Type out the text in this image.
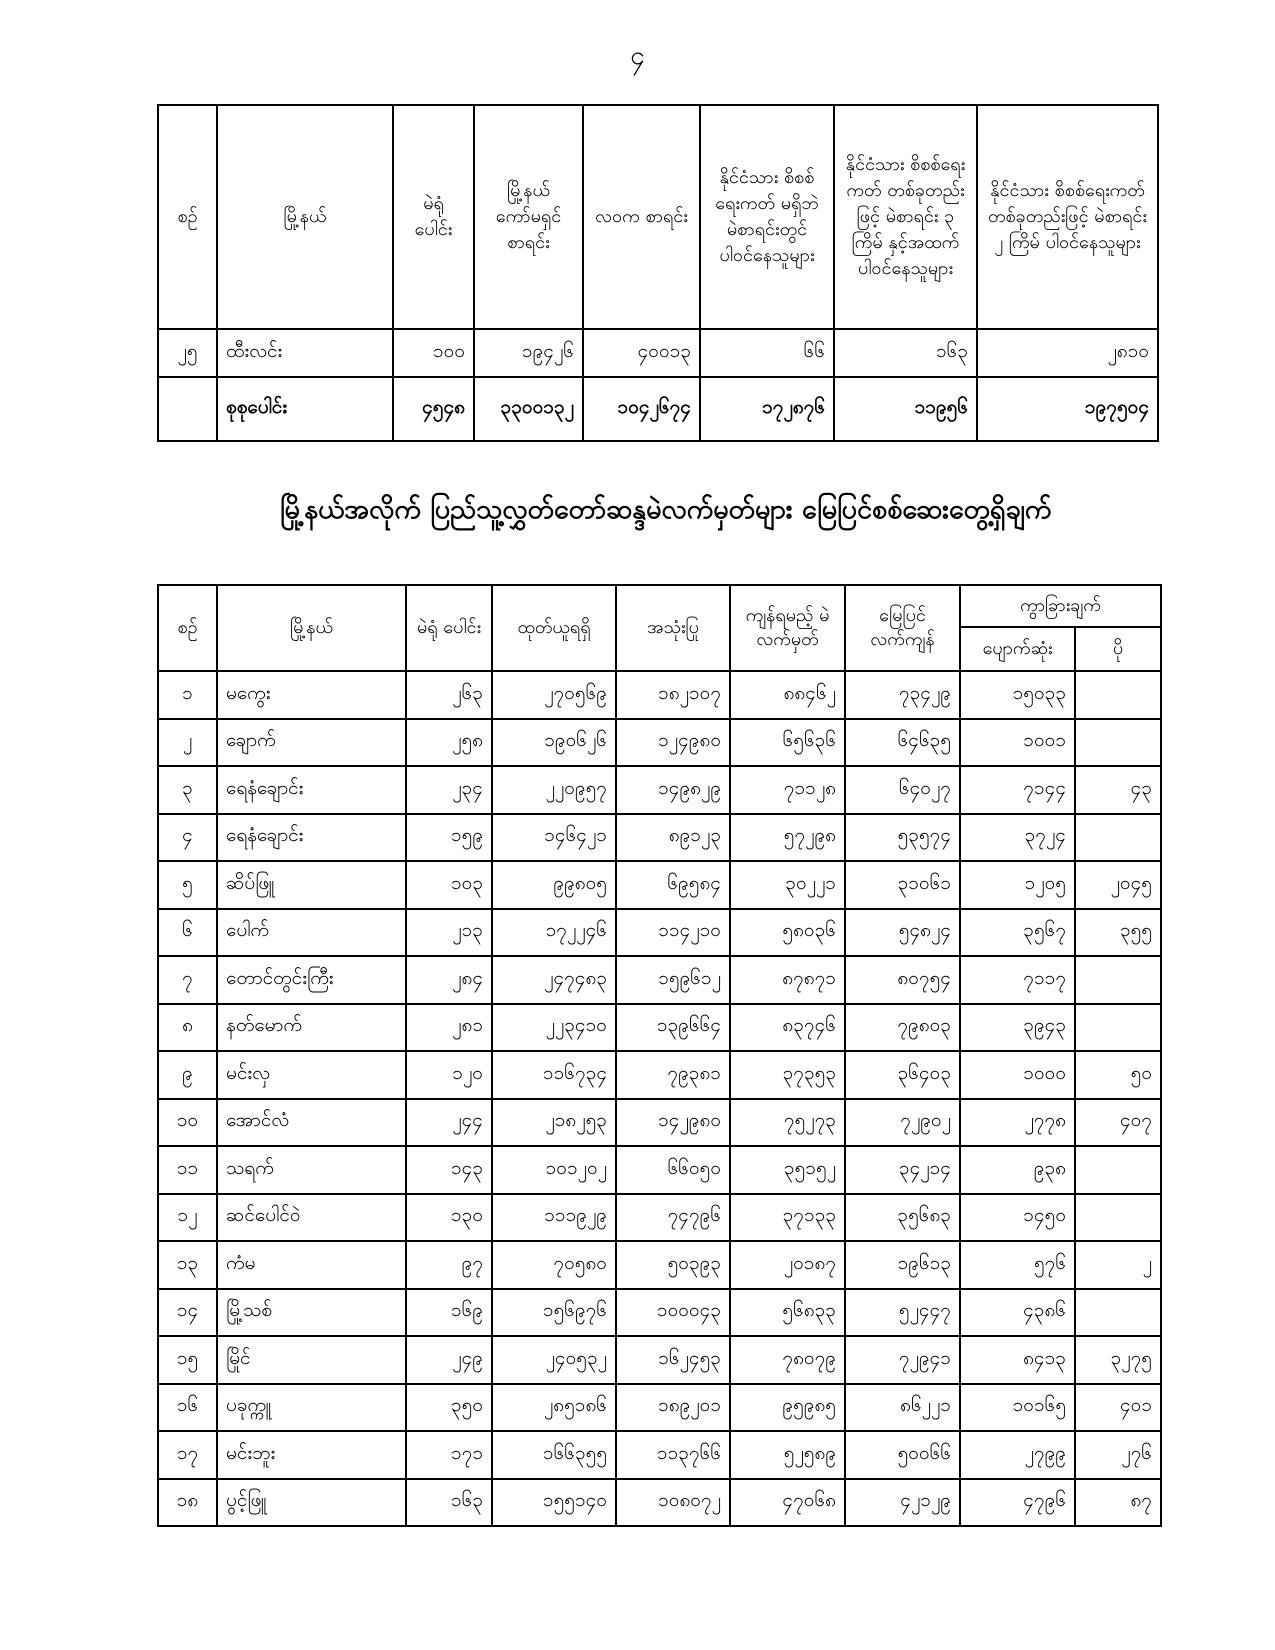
၄
စဉ်	မြို့နယ်	မဲရုံ ပေါင်း	မြို့နယ် ကော်မရှင် စာရင်း	လဝက စာရင်း	နိုင်ငံသား စိစစ်ရေးကတ် မရှိဘဲ မဲစာရင်းတွင် ပါဝင်နေသူများ	နိုင်ငံသား စိစစ်ရေးကတ် တစ်ခုတည်းဖြင့် မဲစာရင်း ၃ ကြိမ် နှင့်အထက် ပါဝင်နေသူများ	နိုင်ငံသား စိစစ်ရေးကတ် တစ်ခုတည်းဖြင့် မဲစာရင်း ၂ ကြိမ် ပါဝင်နေသူများ
၂၅	ထီးလင်း	၁၀၀	၁၉၄၂၆	၄၀၀၁၃	၆၆	၁၆၃	၂၈၁၀
	စုစုပေါင်း	၄၅၄၈	၃၃၀၀၁၃၂	၁၀၄၂၆၇၄	၁၇၂၈၇၆	၁၁၉၅၆	၁၉၇၅၀၄
မြို့နယ်အလိုက် ပြည်သူ့လွှတ်တော်ဆန္ဒမဲလက်မှတ်များ မြေပြင်စစ်ဆေးတွေ့ရှိချက်
စဉ်	မြို့နယ်	မဲရုံ ပေါင်း	ထုတ်ယူရရှိ	အသုံးပြု	ကျန်ရမည့် မဲလက်မှတ်	မြေပြင် လက်ကျန်	ကွာခြားချက်	
							ပျောက်ဆုံး	ပို
၁	မကွေး	၂၆၃	၂၇၀၅၆၉	၁၈၂၁၀၇	၈၈၄၆၂	၇၃၄၂၉	၁၅၀၃၃	
၂	ချောက်	၂၅၈	၁၉၀၆၂၆	၁၂၄၉၈၀	၆၅၆၃၆	၆၄၆၃၅	၁၀၀၁	
၃	ရေနံချောင်း	၂၃၄	၂၂၀၉၅၇	၁၄၉၈၂၉	၇၁၁၂၈	၆၄၀၂၇	၇၁၄၄	၄၃
၄	ရေနံချောင်း	၁၅၉	၁၄၆၄၂၁	၈၉၁၂၃	၅၇၂၉၈	၅၃၅၇၄	၃၇၂၄	
၅	ဆိပ်ဖြူ	၁၀၃	၉၉၈၀၅	၆၉၅၈၄	၃၀၂၂၁	၃၁၀၆၁	၁၂၀၅	၂၀၄၅
၆	ပေါက်	၂၁၃	၁၇၂၂၄၆	၁၁၄၂၁၀	၅၈၀၃၆	၅၄၈၂၄	၃၅၆၇	၃၅၅
၇	တောင်တွင်းကြီး	၂၈၄	၂၄၇၄၈၃	၁၅၉၆၁၂	၈၇၈၇၁	၈၀၇၅၄	၇၁၁၇	
၈	နတ်မောက်	၂၈၁	၂၂၃၄၁၀	၁၃၉၆၆၄	၈၃၇၄၆	၇၉၈၀၃	၃၉၄၃	
၉	မင်းလှ	၁၂၀	၁၁၆၇၃၄	၇၉၃၈၁	၃၇၃၅၃	၃၆၄၀၃	၁၀၀၀	၅၀
၁၀	အောင်လံ	၂၄၄	၂၁၈၂၅၃	၁၄၂၉၈၀	၇၅၂၇၃	၇၂၉၀၂	၂၇၇၈	၄၀၇
၁၁	သရက်	၁၄၃	၁၀၁၂၀၂	၆၆၀၅၀	၃၅၁၅၂	၃၄၂၁၄	၉၃၈	
၁၂	ဆင်ပေါင်ဝဲ	၁၃၀	၁၁၁၉၂၉	၇၄၇၉၆	၃၇၁၃၃	၃၅၆၈၃	၁၄၅၀	
၁၃	ကံမ	၉၇	၇၀၅၈၀	၅၀၃၉၃	၂၀၁၈၇	၁၉၆၁၃	၅၇၆	၂
၁၄	မြို့သစ်	၁၆၉	၁၅၆၉၇၆	၁၀၀၀၄၃	၅၆၈၃၃	၅၂၄၄၇	၄၃၈၆	
၁၅	မြိုင်	၂၄၉	၂၄၀၅၃၂	၁၆၂၄၅၃	၇၈၀၇၉	၇၂၉၄၁	၈၄၁၃	၃၂၇၅
၁၆	ပခုက္ကူ	၃၅၀	၂၈၅၁၈၆	၁၈၉၂၀၁	၉၅၉၈၅	၈၆၂၂၁	၁၀၁၆၅	၄၀၁
၁၇	မင်းဘူး	၁၇၁	၁၆၆၃၅၅	၁၁၃၇၆၆	၅၂၅၈၉	၅၀၀၆၆	၂၇၉၉	၂၇၆
၁၈	ပွင့်ဖြူ	၁၆၃	၁၅၅၁၄၀	၁၀၈၀၇၂	၄၇၀၆၈	၄၂၁၂၉	၄၇၉၆	၈၇
